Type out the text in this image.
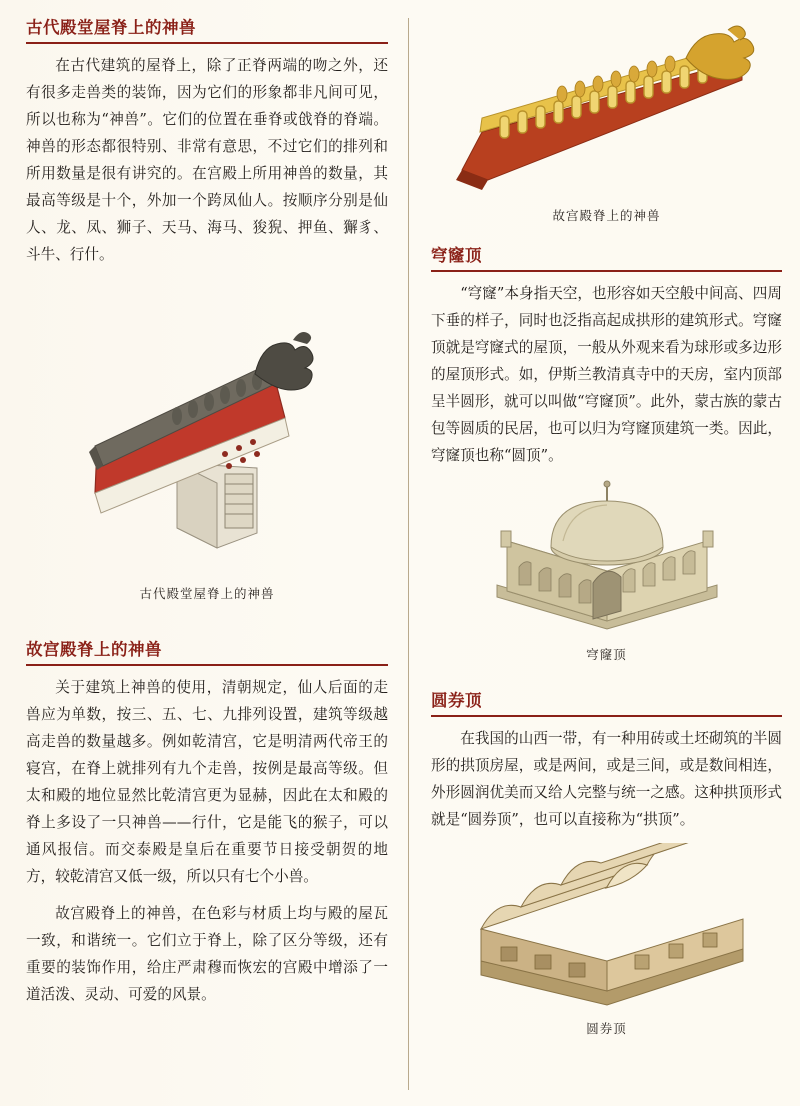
古代殿堂屋脊上的神兽

在古代建筑的屋脊上，除了正脊两端的吻之外，还有很多走兽类的装饰，因为它们的形象都非凡间可见，所以也称为“神兽”。它们的位置在垂脊或戗脊的脊端。神兽的形态都很特别、非常有意思，不过它们的排列和所用数量是很有讲究的。在宫殿上所用神兽的数量，其最高等级是十个，外加一个跨凤仙人。按顺序分别是仙人、龙、凤、狮子、天马、海马、狻猊、押鱼、獬豸、斗牛、行什。

古代殿堂屋脊上的神兽
故宫殿脊上的神兽

关于建筑上神兽的使用，清朝规定，仙人后面的走兽应为单数，按三、五、七、九排列设置，建筑等级越高走兽的数量越多。例如乾清宫，它是明清两代帝王的寝宫，在脊上就排列有九个走兽，按例是最高等级。但太和殿的地位显然比乾清宫更为显赫，因此在太和殿的脊上多设了一只神兽——行什，它是能飞的猴子，可以通风报信。而交泰殿是皇后在重要节日接受朝贺的地方，较乾清宫又低一级，所以只有七个小兽。

故宫殿脊上的神兽，在色彩与材质上均与殿的屋瓦一致，和谐统一。它们立于脊上，除了区分等级，还有重要的装饰作用，给庄严肃穆而恢宏的宫殿中增添了一道活泼、灵动、可爱的风景。

故宫殿脊上的神兽
穹窿顶

“穹窿”本身指天空，也形容如天空般中间高、四周下垂的样子，同时也泛指高起成拱形的建筑形式。穹窿顶就是穹窿式的屋顶，一般从外观来看为球形或多边形的屋顶形式。如，伊斯兰教清真寺中的天房，室内顶部呈半圆形，就可以叫做“穹窿顶”。此外，蒙古族的蒙古包等圆质的民居，也可以归为穹窿顶建筑一类。因此，穹窿顶也称“圆顶”。

穹窿顶
圆券顶

在我国的山西一带，有一种用砖或土坯砌筑的半圆形的拱顶房屋，或是两间，或是三间，或是数间相连，外形圆润优美而又给人完整与统一之感。这种拱顶形式就是“圆券顶”，也可以直接称为“拱顶”。

圆券顶
